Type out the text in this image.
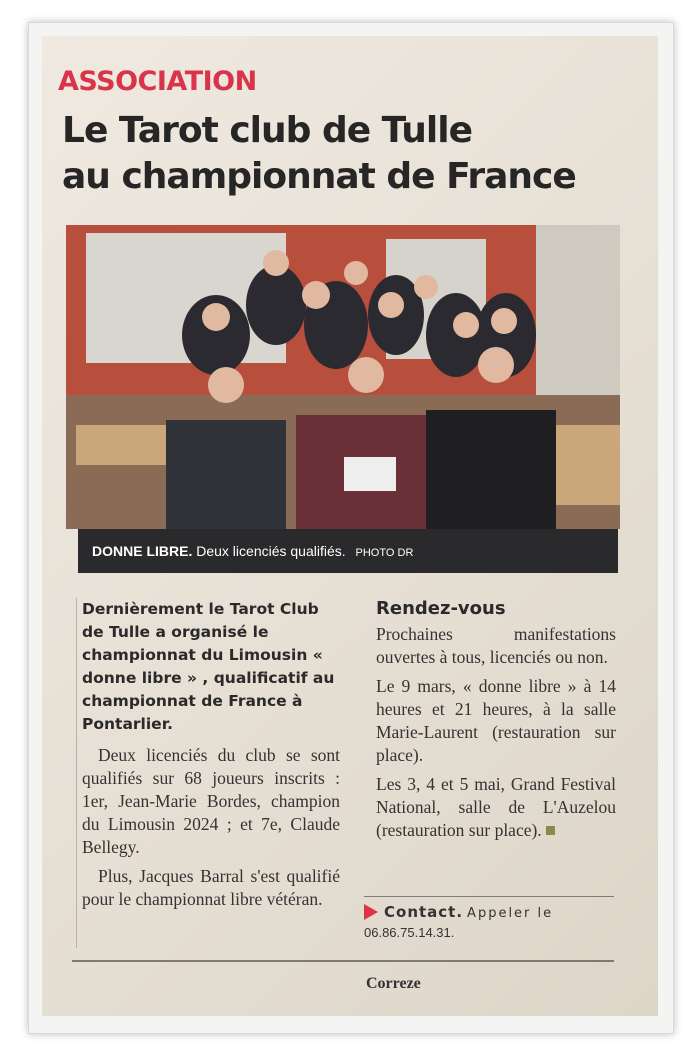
ASSOCIATION
Le Tarot club de Tulle
au championnat de France
DONNE LIBRE. Deux licenciés qualifiés. PHOTO DR

Dernièrement le Tarot Club de Tulle a organisé le championnat du Limousin « donne libre » , qualificatif au championnat de France à Pontarlier.

Deux licenciés du club se sont qualifiés sur 68 joueurs inscrits : 1er, Jean-Marie Bordes, champion du Limousin 2024 ; et 7e, Claude Bellegy.

Plus, Jacques Barral s'est qualifié pour le championnat libre vétéran.

Rendez-vous

Prochaines manifestations ouvertes à tous, licenciés ou non.

Le 9 mars, « donne libre » à 14 heures et 21 heures, à la salle Marie-Laurent (restauration sur place).

Les 3, 4 et 5 mai, Grand Festival National, salle de L'Auzelou (restauration sur place).

Contact. Appeler le
06.86.75.14.31.
Correze
